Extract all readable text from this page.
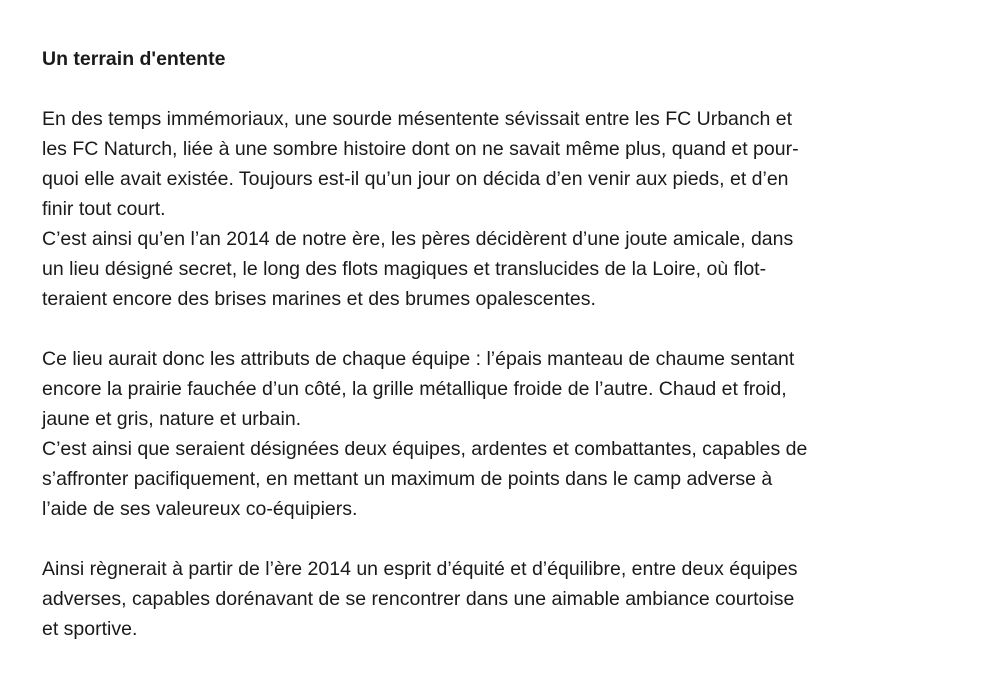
Un terrain d'entente
En des temps immémoriaux, une sourde mésentente sévissait entre les FC Urbanch et
les FC Naturch, liée à une sombre histoire dont on ne savait même plus, quand et pour-
quoi elle avait existée. Toujours est-il qu’un jour on décida d’en venir aux pieds, et d’en
finir tout court.
C’est ainsi qu’en l’an 2014 de notre ère, les pères décidèrent d’une joute amicale, dans
un lieu désigné secret, le long des flots magiques et translucides de la Loire, où flot-
teraient encore des brises marines et des brumes opalescentes.
Ce lieu aurait donc les attributs de chaque équipe : l’épais manteau de chaume sentant
encore la prairie fauchée d’un côté, la grille métallique froide de l’autre. Chaud et froid,
jaune et gris, nature et urbain.
C’est ainsi que seraient désignées deux équipes, ardentes et combattantes, capables de
s’affronter pacifiquement, en mettant un maximum de points dans le camp adverse à
l’aide de ses valeureux co-équipiers.
Ainsi règnerait à partir de l’ère 2014 un esprit d’équité et d’équilibre, entre deux équipes
adverses, capables dorénavant de se rencontrer dans une aimable ambiance courtoise
et sportive.
